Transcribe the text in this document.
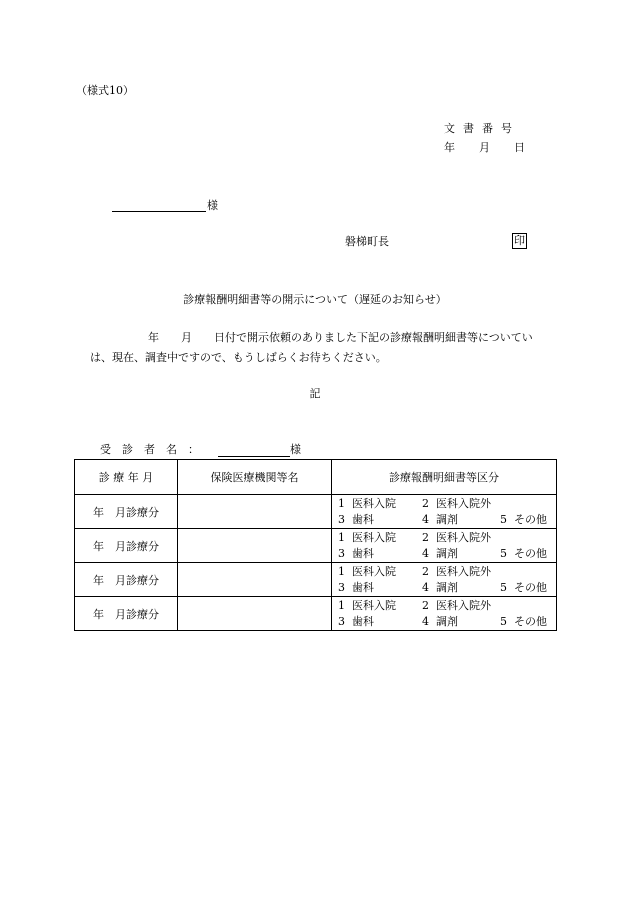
（様式10）
文書番号
年 月 日
様
磐梯町長	印
診療報酬明細書等の開示について（遅延のお知らせ）
年　　月　　日付で開示依頼のありました下記の診療報酬明細書等についてい
は、現在、調査中ですので、もうしばらくお待ちください。
記
受　診　者　名　：	様
診 療 年 月	保険医療機関等名	診療報酬明細書等区分
年　月診療分		1 医科入院 2 医科入院外
3 歯科 4 調剤 5 その他

年　月診療分		1 医科入院 2 医科入院外
3 歯科 4 調剤 5 その他

年　月診療分		1 医科入院 2 医科入院外
3 歯科 4 調剤 5 その他

年　月診療分		1 医科入院 2 医科入院外
3 歯科 4 調剤 5 その他
